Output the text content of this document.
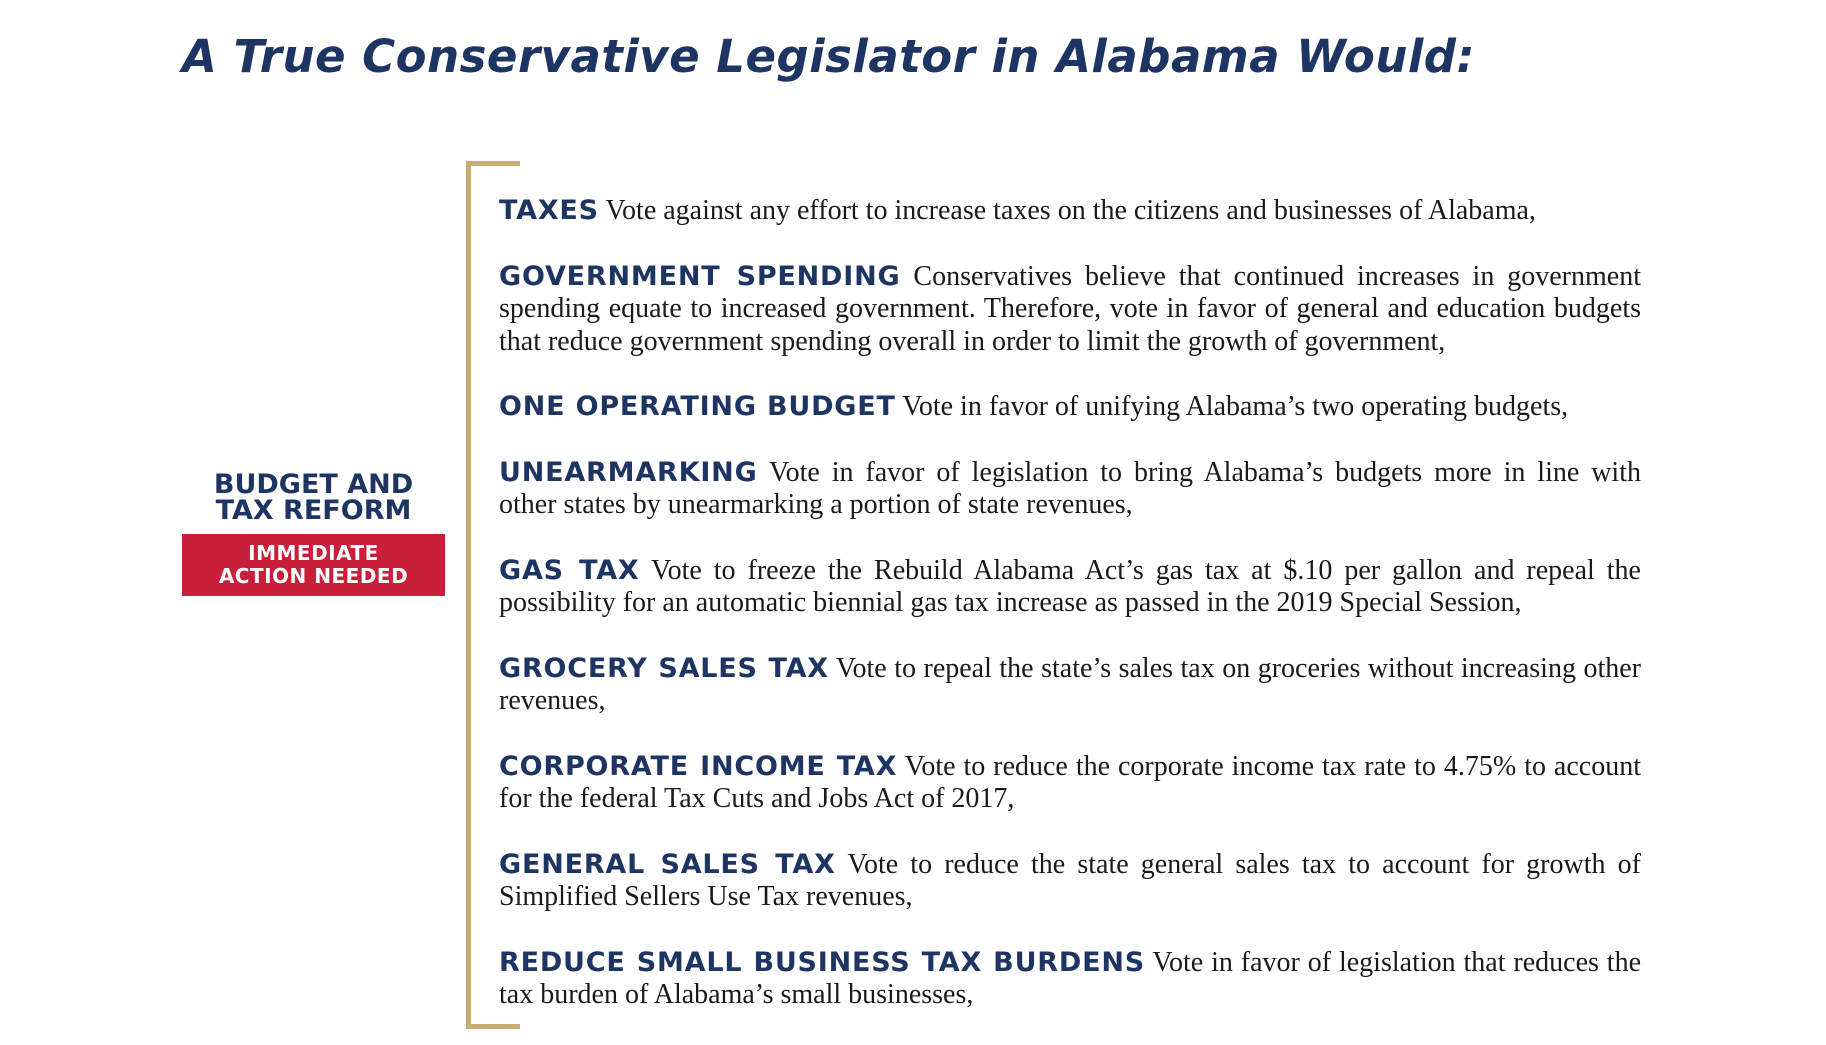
A True Conservative Legislator in Alabama Would:
BUDGET AND
TAX REFORM
IMMEDIATE
ACTION NEEDED

TAXES Vote against any effort to increase taxes on the citizens and businesses of Alabama,

GOVERNMENT SPENDING Conservatives believe that continued increases in government spending equate to increased government. Therefore, vote in favor of general and education budgets that reduce government spending overall in order to limit the growth of government,

ONE OPERATING BUDGET Vote in favor of unifying Alabama’s two operating budgets,

UNEARMARKING Vote in favor of legislation to bring Alabama’s budgets more in line with other states by unearmarking a portion of state revenues,

GAS TAX Vote to freeze the Rebuild Alabama Act’s gas tax at $.10 per gallon and repeal the possibility for an automatic biennial gas tax increase as passed in the 2019 Special Session,

GROCERY SALES TAX Vote to repeal the state’s sales tax on groceries without increasing other revenues,

CORPORATE INCOME TAX Vote to reduce the corporate income tax rate to 4.75% to account for the federal Tax Cuts and Jobs Act of 2017,

GENERAL SALES TAX Vote to reduce the state general sales tax to account for growth of Simplified Sellers Use Tax revenues,

REDUCE SMALL BUSINESS TAX BURDENS Vote in favor of legislation that reduces the tax burden of Alabama’s small businesses,
